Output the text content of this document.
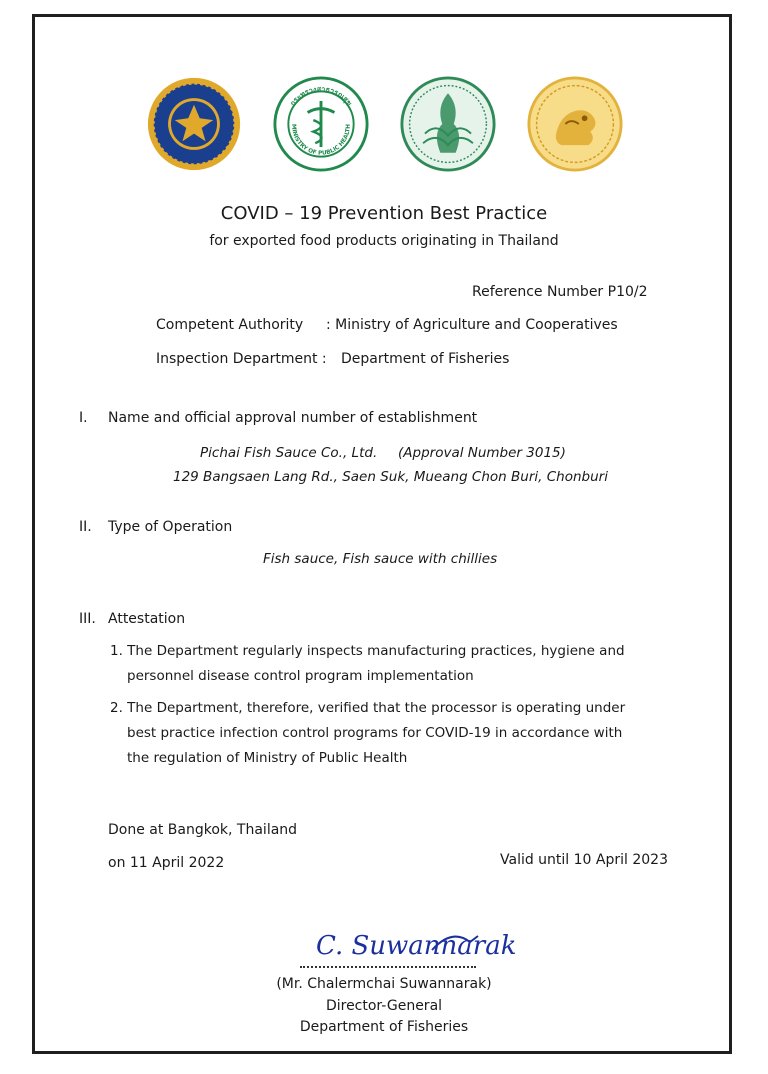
กระทรวงสาธารณสุข
MINISTRY OF PUBLIC HEALTH
COVID – 19 Prevention Best Practice
for exported food products originating in Thailand
Reference Number P10/2
Competent Authority : Ministry of Agriculture and Cooperatives
Inspection Department : Department of Fisheries
I. Name and official approval number of establishment
Pichai Fish Sauce Co., Ltd. (Approval Number 3015)
129 Bangsaen Lang Rd., Saen Suk, Mueang Chon Buri, Chonburi
II. Type of Operation
Fish sauce, Fish sauce with chillies
III. Attestation
1. The Department regularly inspects manufacturing practices, hygiene and
personnel disease control program implementation
2. The Department, therefore, verified that the processor is operating under
best practice infection control programs for COVID-19 in accordance with
the regulation of Ministry of Public Health
Done at Bangkok, Thailand
on 11 April 2022	Valid until 10 April 2023
C. Suwannarak
(Mr. Chalermchai Suwannarak)
Director-General
Department of Fisheries
